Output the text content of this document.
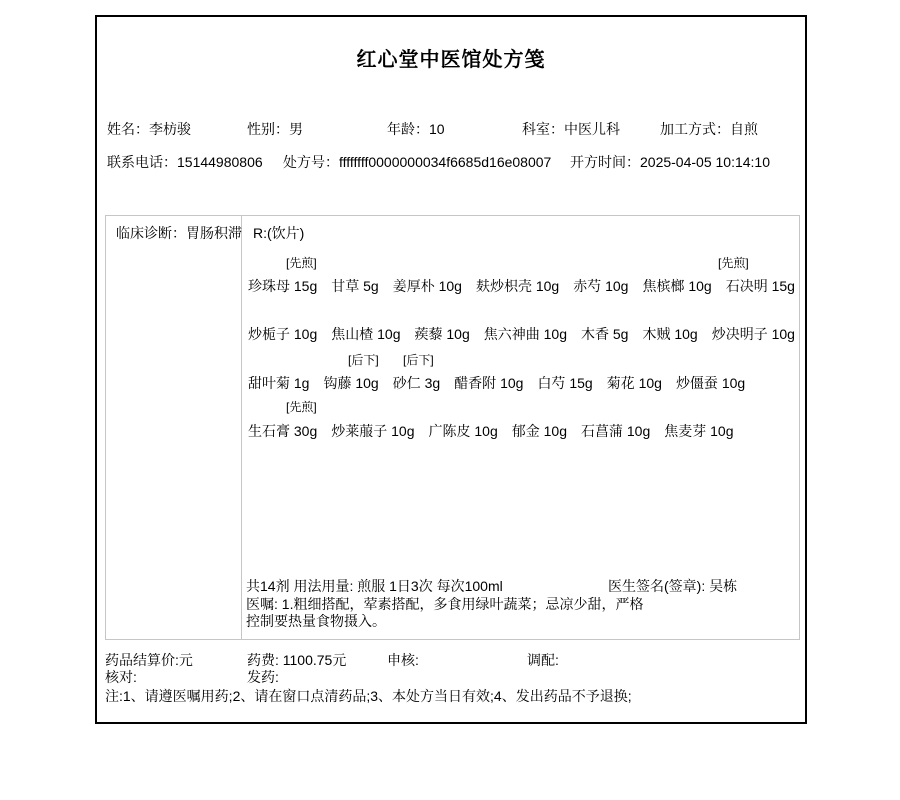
红心堂中医馆处方笺
姓名：李枋骏	性别：男	年龄：10	科室：中医儿科	加工方式：自煎
联系电话：15144980806 处方号：ffffffff0000000034f6685d16e08007 开方时间：2025-04-05 10:14:10
临床诊断：胃肠积滞 R:(饮片)
[先煎]	[先煎]
珍珠母 15g 甘草 5g 姜厚朴 10g 麸炒枳壳 10g 赤芍 10g 焦槟榔 10g 石决明 15g
炒栀子 10g 焦山楂 10g 蒺藜 10g 焦六神曲 10g 木香 5g 木贼 10g 炒决明子 10g
[后下] [后下]
甜叶菊 1g 钩藤 10g 砂仁 3g 醋香附 10g 白芍 15g 菊花 10g 炒僵蚕 10g
[先煎]
生石膏 30g 炒莱菔子 10g 广陈皮 10g 郁金 10g 石菖蒲 10g 焦麦芽 10g
共14剂 用法用量: 煎服 1日3次 每次100ml	医生签名(签章): 吴栋
医嘱: 1.粗细搭配，荤素搭配，多食用绿叶蔬菜；忌凉少甜，严格
控制要热量食物摄入。
药品结算价:元	药费: 1100.75元	申核:	调配:
核对:	发药:
注:1、请遵医嘱用药;2、请在窗口点清药品;3、本处方当日有效;4、发出药品不予退换;
